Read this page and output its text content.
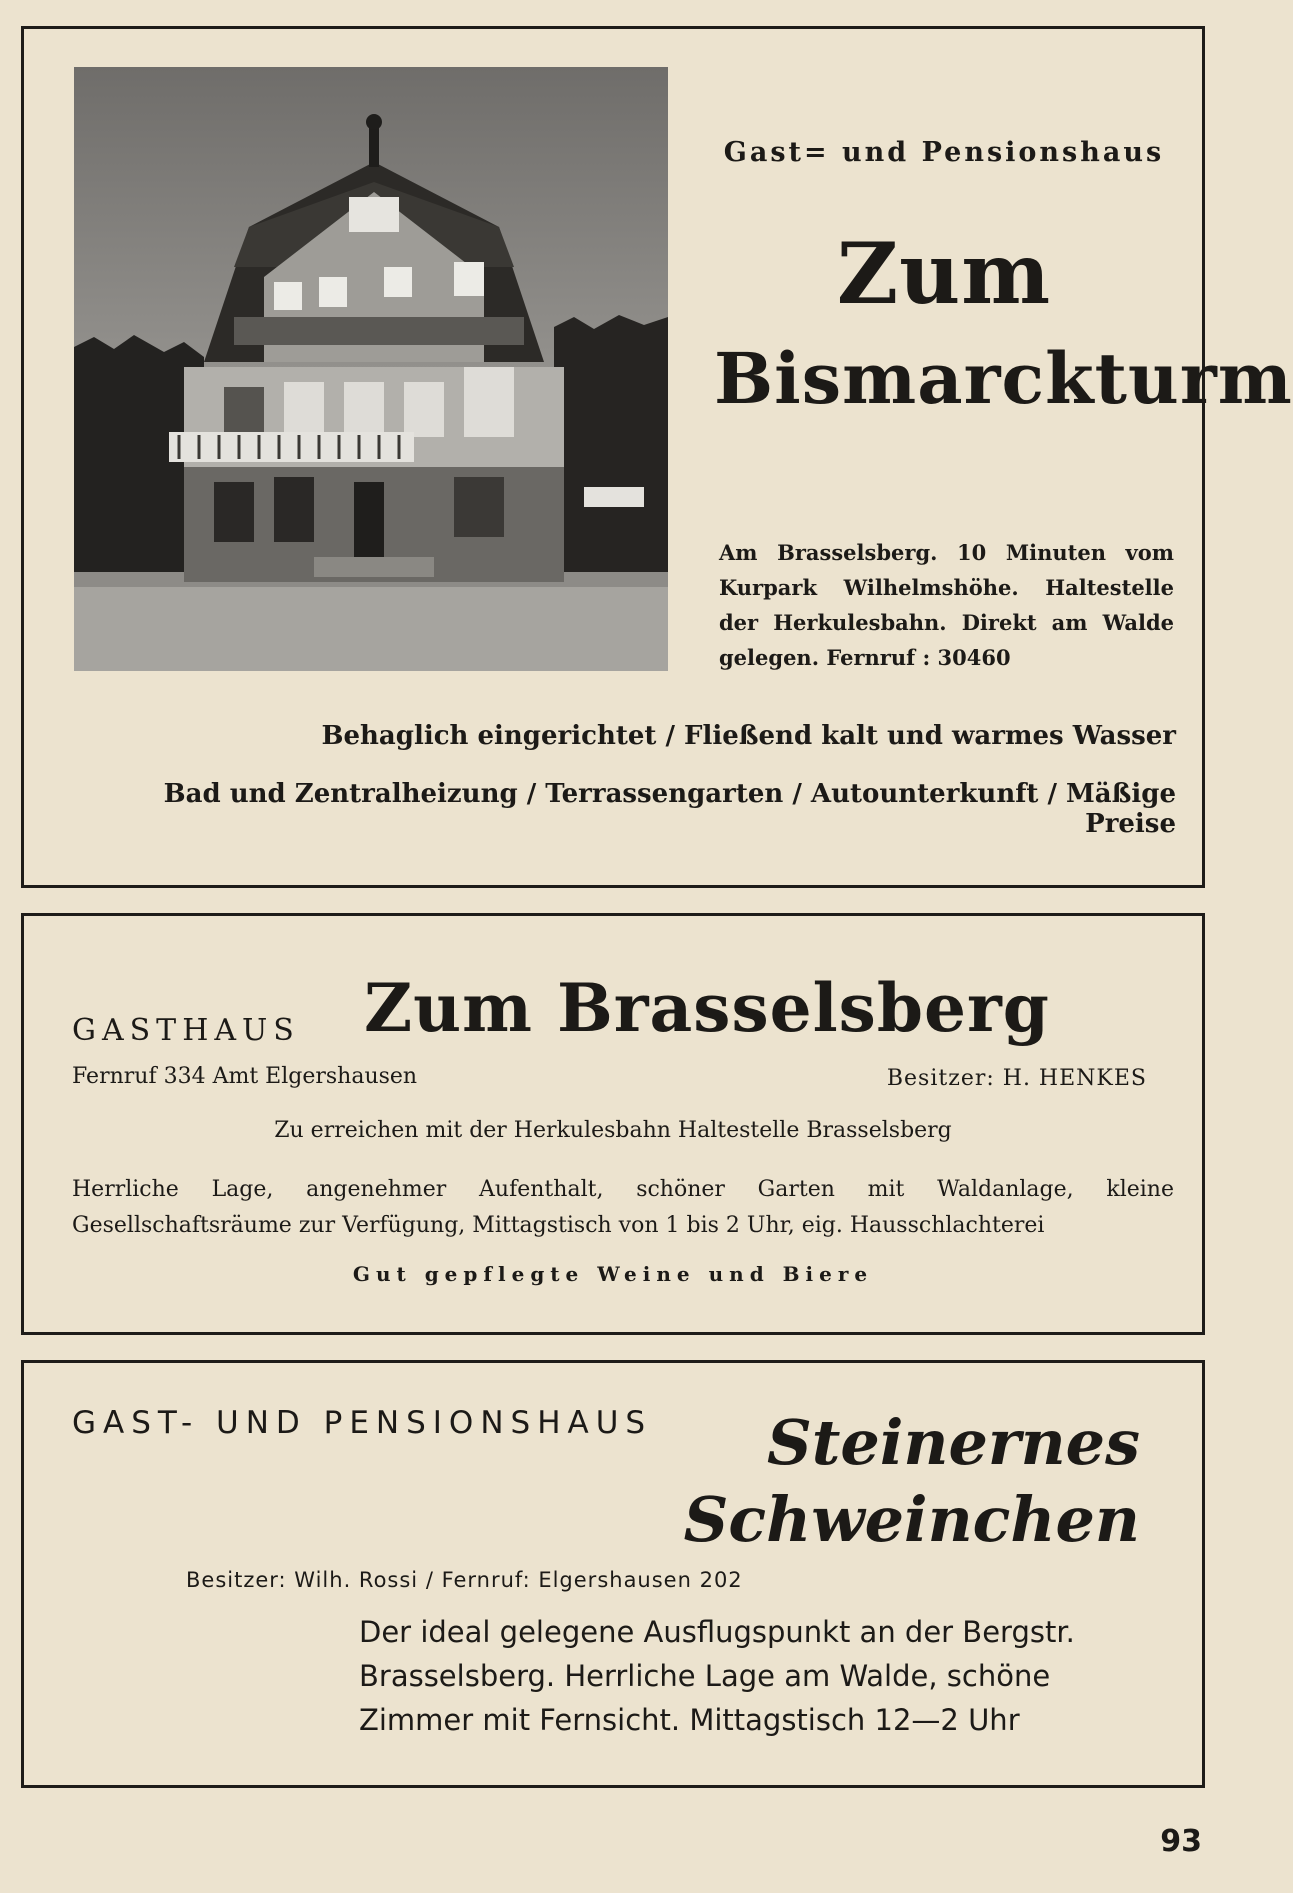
Gast= und Pensionshaus
Zum
Bismarckturm
Am Brasselsberg. 10 Minuten vom Kurpark Wilhelmshöhe. Haltestelle der Herkulesbahn. Direkt am Walde gelegen. Fernruf : 30460
Behaglich eingerichtet / Fließend kalt und warmes Wasser
Bad und Zentralheizung / Terrassengarten / Autounterkunft / Mäßige Preise
GASTHAUS Zum Brasselsberg
Fernruf 334 Amt Elgershausen	Besitzer: H. HENKES
Zu erreichen mit der Herkulesbahn Haltestelle Brasselsberg
Herrliche Lage, angenehmer Aufenthalt, schöner Garten mit Waldanlage, kleine Gesellschaftsräume zur Verfügung, Mittagstisch von 1 bis 2 Uhr, eig. Hausschlachterei
Gut gepflegte Weine und Biere
GAST- UND PENSIONSHAUS Steinernes
Schweinchen
Besitzer: Wilh. Rossi / Fernruf: Elgershausen 202
Der ideal gelegene Ausflugspunkt an der Bergstr. Brasselsberg. Herrliche Lage am Walde, schöne Zimmer mit Fernsicht. Mittagstisch 12—2 Uhr
93
